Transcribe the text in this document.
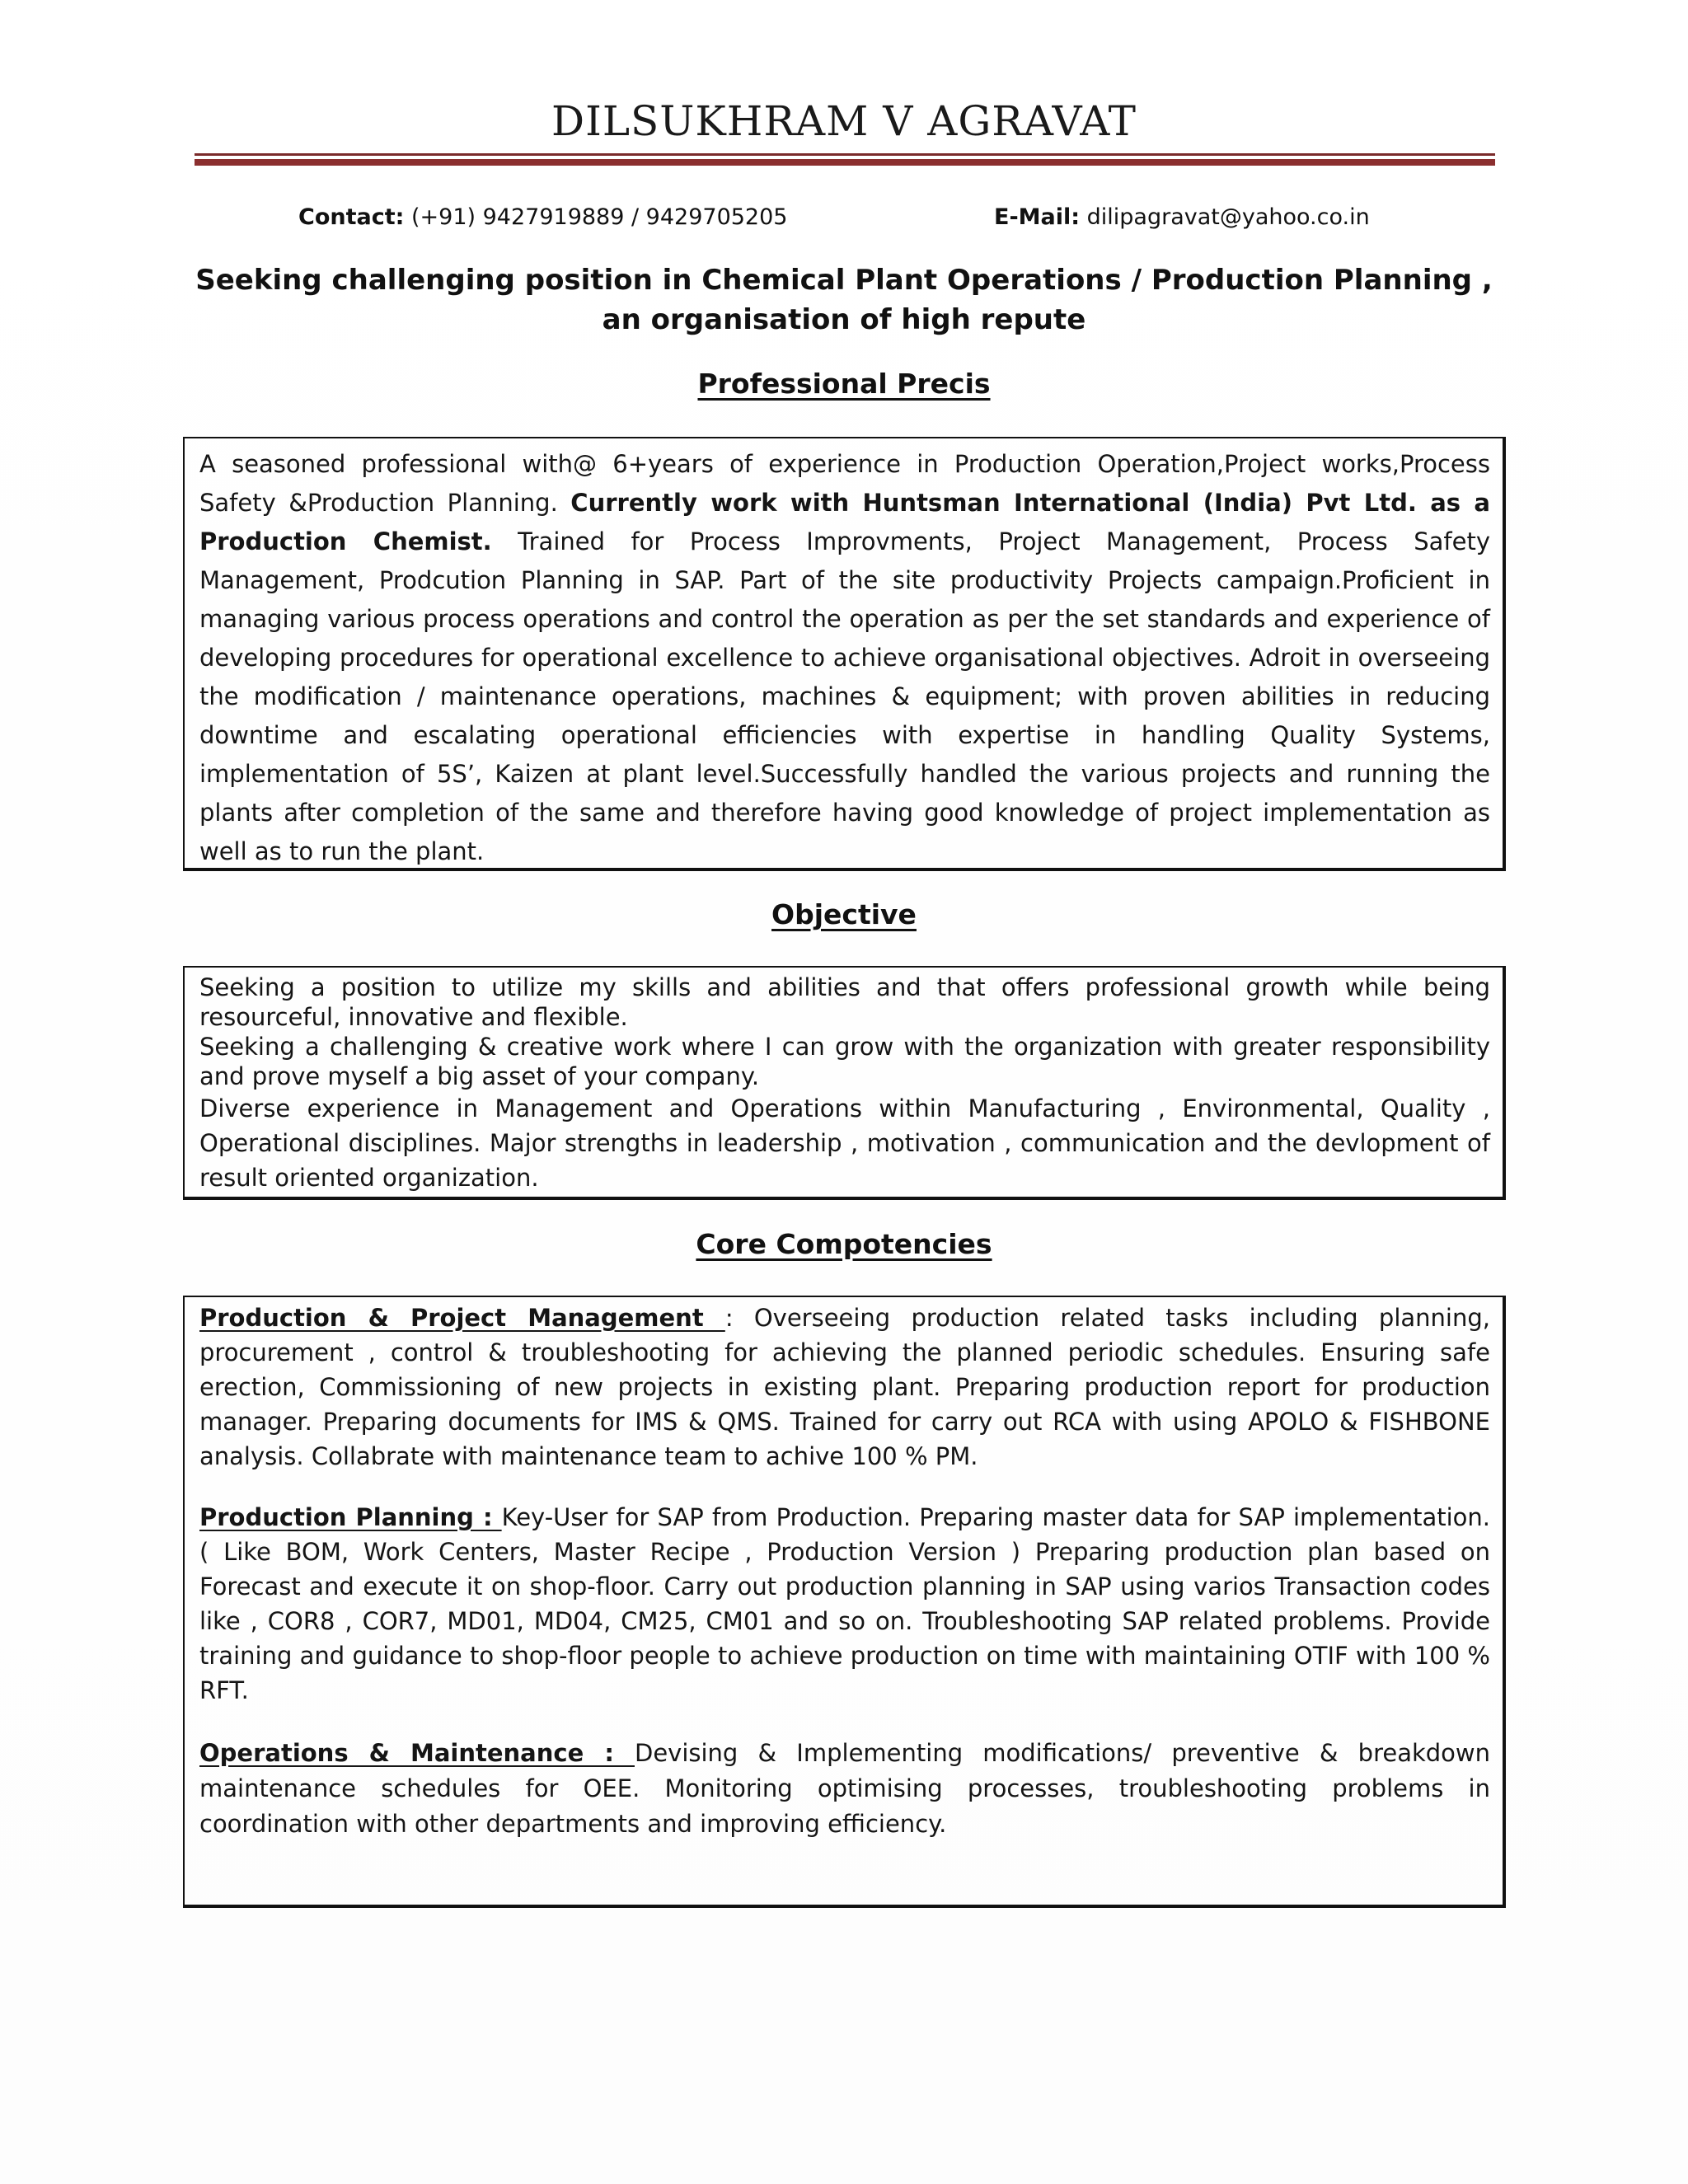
DILSUKHRAM V AGRAVAT
Contact: (+91) 9427919889 / 9429705205	E-Mail: dilipagravat@yahoo.co.in
Seeking challenging position in Chemical Plant Operations / Production Planning ,
an organisation of high repute
Professional Precis
A seasoned professional with@ 6+years of experience in Production Operation,Project works,Process Safety &Production Planning. Currently work with Huntsman International (India) Pvt Ltd. as a Production Chemist. Trained for Process Improvments, Project Management, Process Safety Management, Prodcution Planning in SAP. Part of the site productivity Projects campaign.Proficient in managing various process operations and control the operation as per the set standards and experience of developing procedures for operational excellence to achieve organisational objectives. Adroit in overseeing the modification / maintenance operations, machines & equipment; with proven abilities in reducing downtime and escalating operational efficiencies with expertise in handling Quality Systems, implementation of 5S’, Kaizen at plant level.Successfully handled the various projects and running the plants after completion of the same and therefore having good knowledge of project implementation as well as to run the plant.
Objective
Seeking a position to utilize my skills and abilities and that offers professional growth while being resourceful, innovative and flexible.
Seeking a challenging & creative work where I can grow with the organization with greater responsibility and prove myself a big asset of your company.
Diverse experience in Management and Operations within Manufacturing , Environmental, Quality , Operational disciplines. Major strengths in leadership , motivation , communication and the devlopment of result oriented organization.
Core Compotencies
Production & Project Management : Overseeing production related tasks including planning, procurement , control & troubleshooting for achieving the planned periodic schedules. Ensuring safe erection, Commissioning of new projects in existing plant. Preparing production report for production manager. Preparing documents for IMS & QMS. Trained for carry out RCA with using APOLO & FISHBONE analysis. Collabrate with maintenance team to achive 100 % PM.
Production Planning : Key-User for SAP from Production. Preparing master data for SAP implementation. ( Like BOM, Work Centers, Master Recipe , Production Version ) Preparing production plan based on Forecast and execute it on shop-floor. Carry out production planning in SAP using varios Transaction codes like , COR8 , COR7, MD01, MD04, CM25, CM01 and so on. Troubleshooting SAP related problems. Provide training and guidance to shop-floor people to achieve production on time with maintaining OTIF with 100 % RFT.
Operations & Maintenance : Devising & Implementing modifications/ preventive & breakdown maintenance schedules for OEE. Monitoring optimising processes, troubleshooting problems in coordination with other departments and improving efficiency.
